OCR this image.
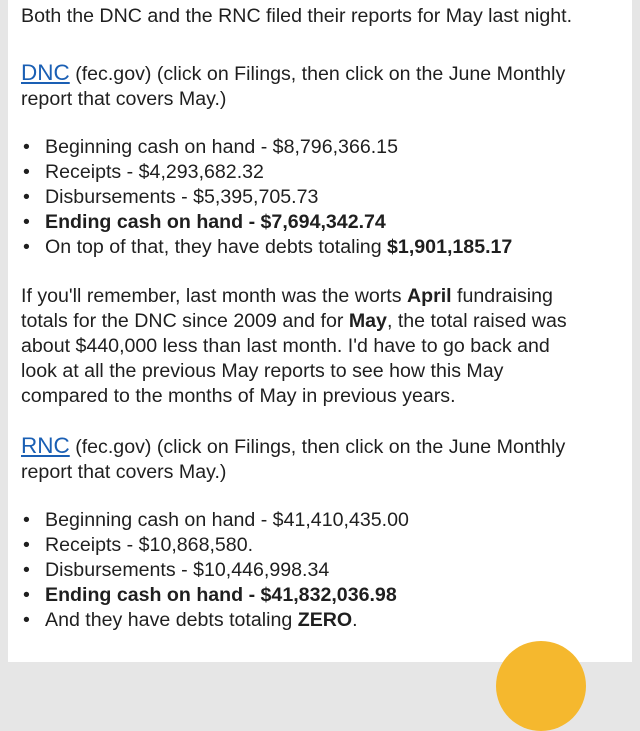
Both the DNC and the RNC filed their reports for May last night.

DNC (fec.gov) (click on Filings, then click on the June Monthly

report that covers May.)

• Beginning cash on hand - $8,796,366.15
• Receipts - $4,293,682.32
• Disbursements - $5,395,705.73
• Ending cash on hand - $7,694,342.74
• On top of that, they have debts totaling $1,901,185.17

If you'll remember, last month was the worts April fundraising

totals for the DNC since 2009 and for May, the total raised was

about $440,000 less than last month. I'd have to go back and

look at all the previous May reports to see how this May

compared to the months of May in previous years.

RNC (fec.gov) (click on Filings, then click on the June Monthly

report that covers May.)

• Beginning cash on hand - $41,410,435.00
• Receipts - $10,868,580.
• Disbursements - $10,446,998.34
• Ending cash on hand - $41,832,036.98
• And they have debts totaling ZERO.
